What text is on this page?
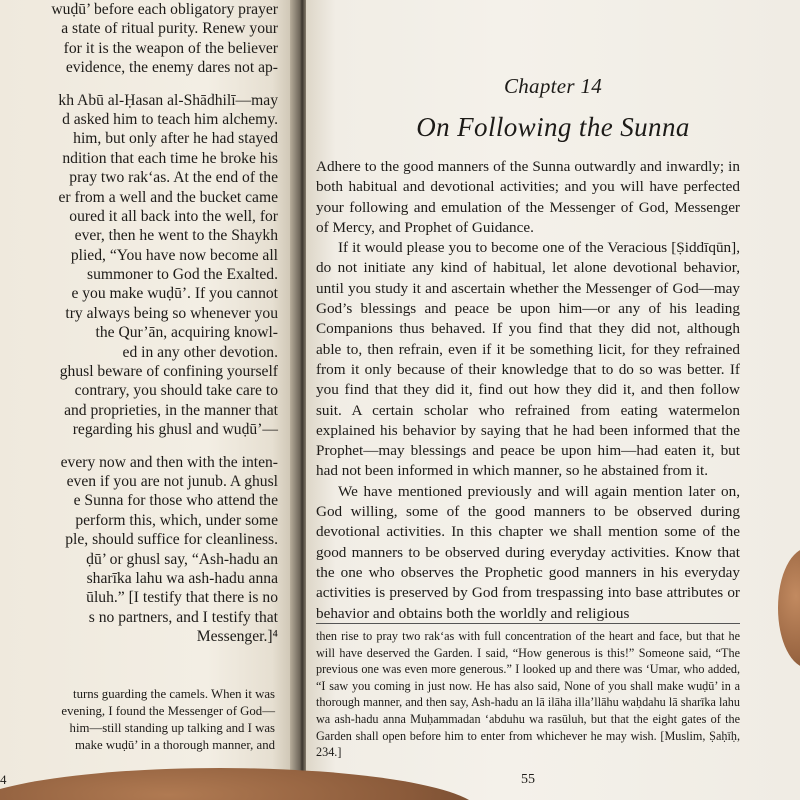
wuḍū’ before each obligatory prayer
a state of ritual purity. Renew your
for it is the weapon of the believer
evidence, the enemy dares not ap-
kh Abū al-Ḥasan al-Shādhilī—may
d asked him to teach him alchemy.
him, but only after he had stayed
ndition that each time he broke his
pray two rak‘as. At the end of the
er from a well and the bucket came
oured it all back into the well, for
ever, then he went to the Shaykh
plied, “You have now become all
summoner to God the Exalted.
e you make wuḍū’. If you cannot
try always being so whenever you
the Qur’ān, acquiring knowl-
ed in any other devotion.
ghusl beware of confining yourself
contrary, you should take care to
and proprieties, in the manner that
regarding his ghusl and wuḍū’—
every now and then with the inten-
even if you are not junub. A ghusl
e Sunna for those who attend the
perform this, which, under some
ple, should suffice for cleanliness.
ḍū’ or ghusl say, “Ash-hadu an
sharīka lahu wa ash-hadu anna
ūluh.” [I testify that there is no
s no partners, and I testify that
Messenger.]⁴
turns guarding the camels. When it was
evening, I found the Messenger of God—
him—still standing up talking and I was
make wuḍū’ in a thorough manner, and
4
Chapter 14
On Following the Sunna

Adhere to the good manners of the Sunna outwardly and inwardly; in both habitual and devotional activities; and you will have perfected your following and emulation of the Messenger of God, Messenger of Mercy, and Prophet of Guidance.

If it would please you to become one of the Veracious [Ṣiddīqūn], do not initiate any kind of habitual, let alone devotional behavior, until you study it and ascertain whether the Messenger of God—may God’s blessings and peace be upon him—or any of his leading Companions thus behaved. If you find that they did not, although able to, then refrain, even if it be something licit, for they refrained from it only because of their knowledge that to do so was better. If you find that they did it, find out how they did it, and then follow suit. A certain scholar who refrained from eating watermelon explained his behavior by saying that he had been informed that the Prophet—may blessings and peace be upon him—had eaten it, but had not been informed in which manner, so he abstained from it.

We have mentioned previously and will again mention later on, God willing, some of the good manners to be observed during devotional activities. In this chapter we shall mention some of the good manners to be observed during everyday activities. Know that the one who observes the Prophetic good manners in his everyday activities is preserved by God from trespassing into base attributes or behavior and obtains both the worldly and religious

then rise to pray two rak‘as with full concentration of the heart and face, but that he will have deserved the Garden. I said, “How generous is this!” Someone said, “The previous one was even more generous.” I looked up and there was ‘Umar, who added, “I saw you coming in just now. He has also said, None of you shall make wuḍū’ in a thorough manner, and then say, Ash-hadu an lā ilāha illa’llāhu waḥdahu lā sharīka lahu wa ash-hadu anna Muḥammadan ‘abduhu wa rasūluh, but that the eight gates of the Garden shall open before him to enter from whichever he may wish. [Muslim, Ṣaḥīḥ, 234.]

55
